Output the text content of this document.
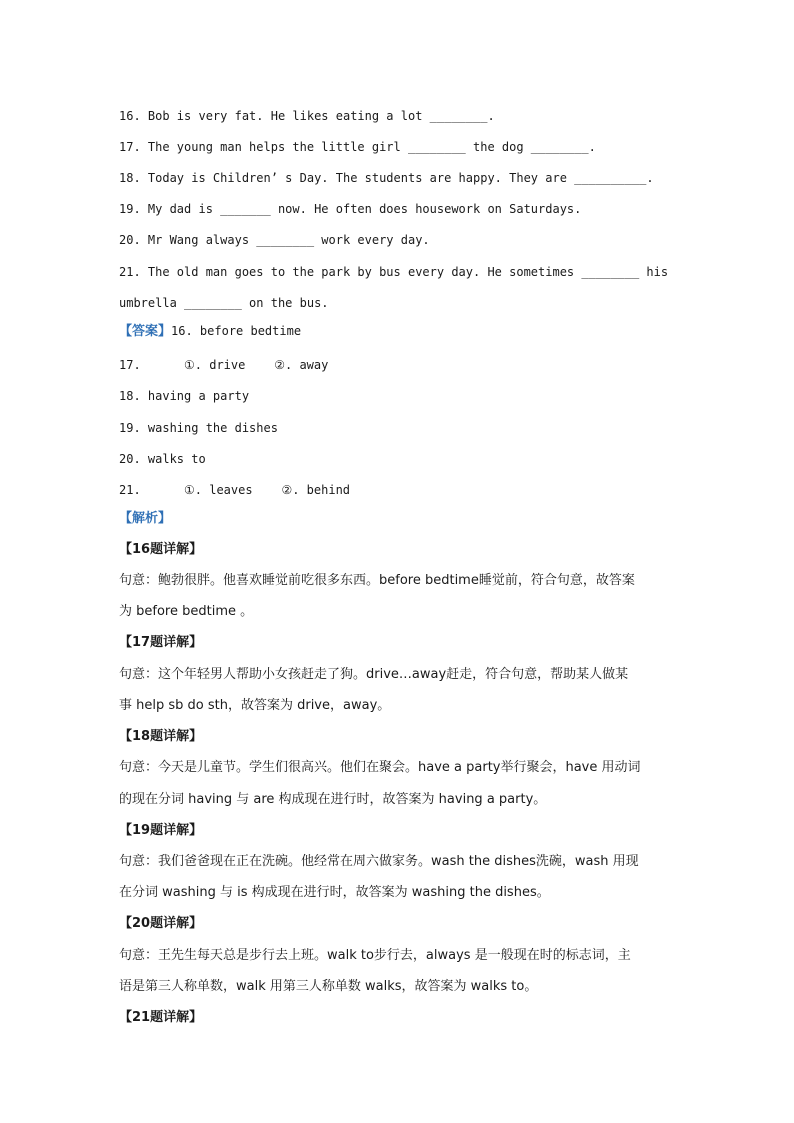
16. Bob is very fat. He likes eating a lot ________.
17. The young man helps the little girl ________ the dog ________.
18. Today is Children’ s Day. The students are happy. They are __________.
19. My dad is _______ now. He often does housework on Saturdays.
20. Mr Wang always ________ work every day.
21. The old man goes to the park by bus every day. He sometimes ________ his
umbrella ________ on the bus.
【答案】16. before bedtime
17.      ①. drive    ②. away
18. having a party
19. washing the dishes
20. walks to
21.      ①. leaves    ②. behind
【解析】
【16题详解】
句意：鲍勃很胖。他喜欢睡觉前吃很多东西。before bedtime睡觉前，符合句意，故答案
为 before bedtime 。
【17题详解】
句意：这个年轻男人帮助小女孩赶走了狗。drive…away赶走，符合句意，帮助某人做某
事 help sb do sth，故答案为 drive，away。
【18题详解】
句意：今天是儿童节。学生们很高兴。他们在聚会。have a party举行聚会，have 用动词
的现在分词 having 与 are 构成现在进行时，故答案为 having a party。
【19题详解】
句意：我们爸爸现在正在洗碗。他经常在周六做家务。wash the dishes洗碗，wash 用现
在分词 washing 与 is 构成现在进行时，故答案为 washing the dishes。
【20题详解】
句意：王先生每天总是步行去上班。walk to步行去，always 是一般现在时的标志词，主
语是第三人称单数，walk 用第三人称单数 walks，故答案为 walks to。
【21题详解】
